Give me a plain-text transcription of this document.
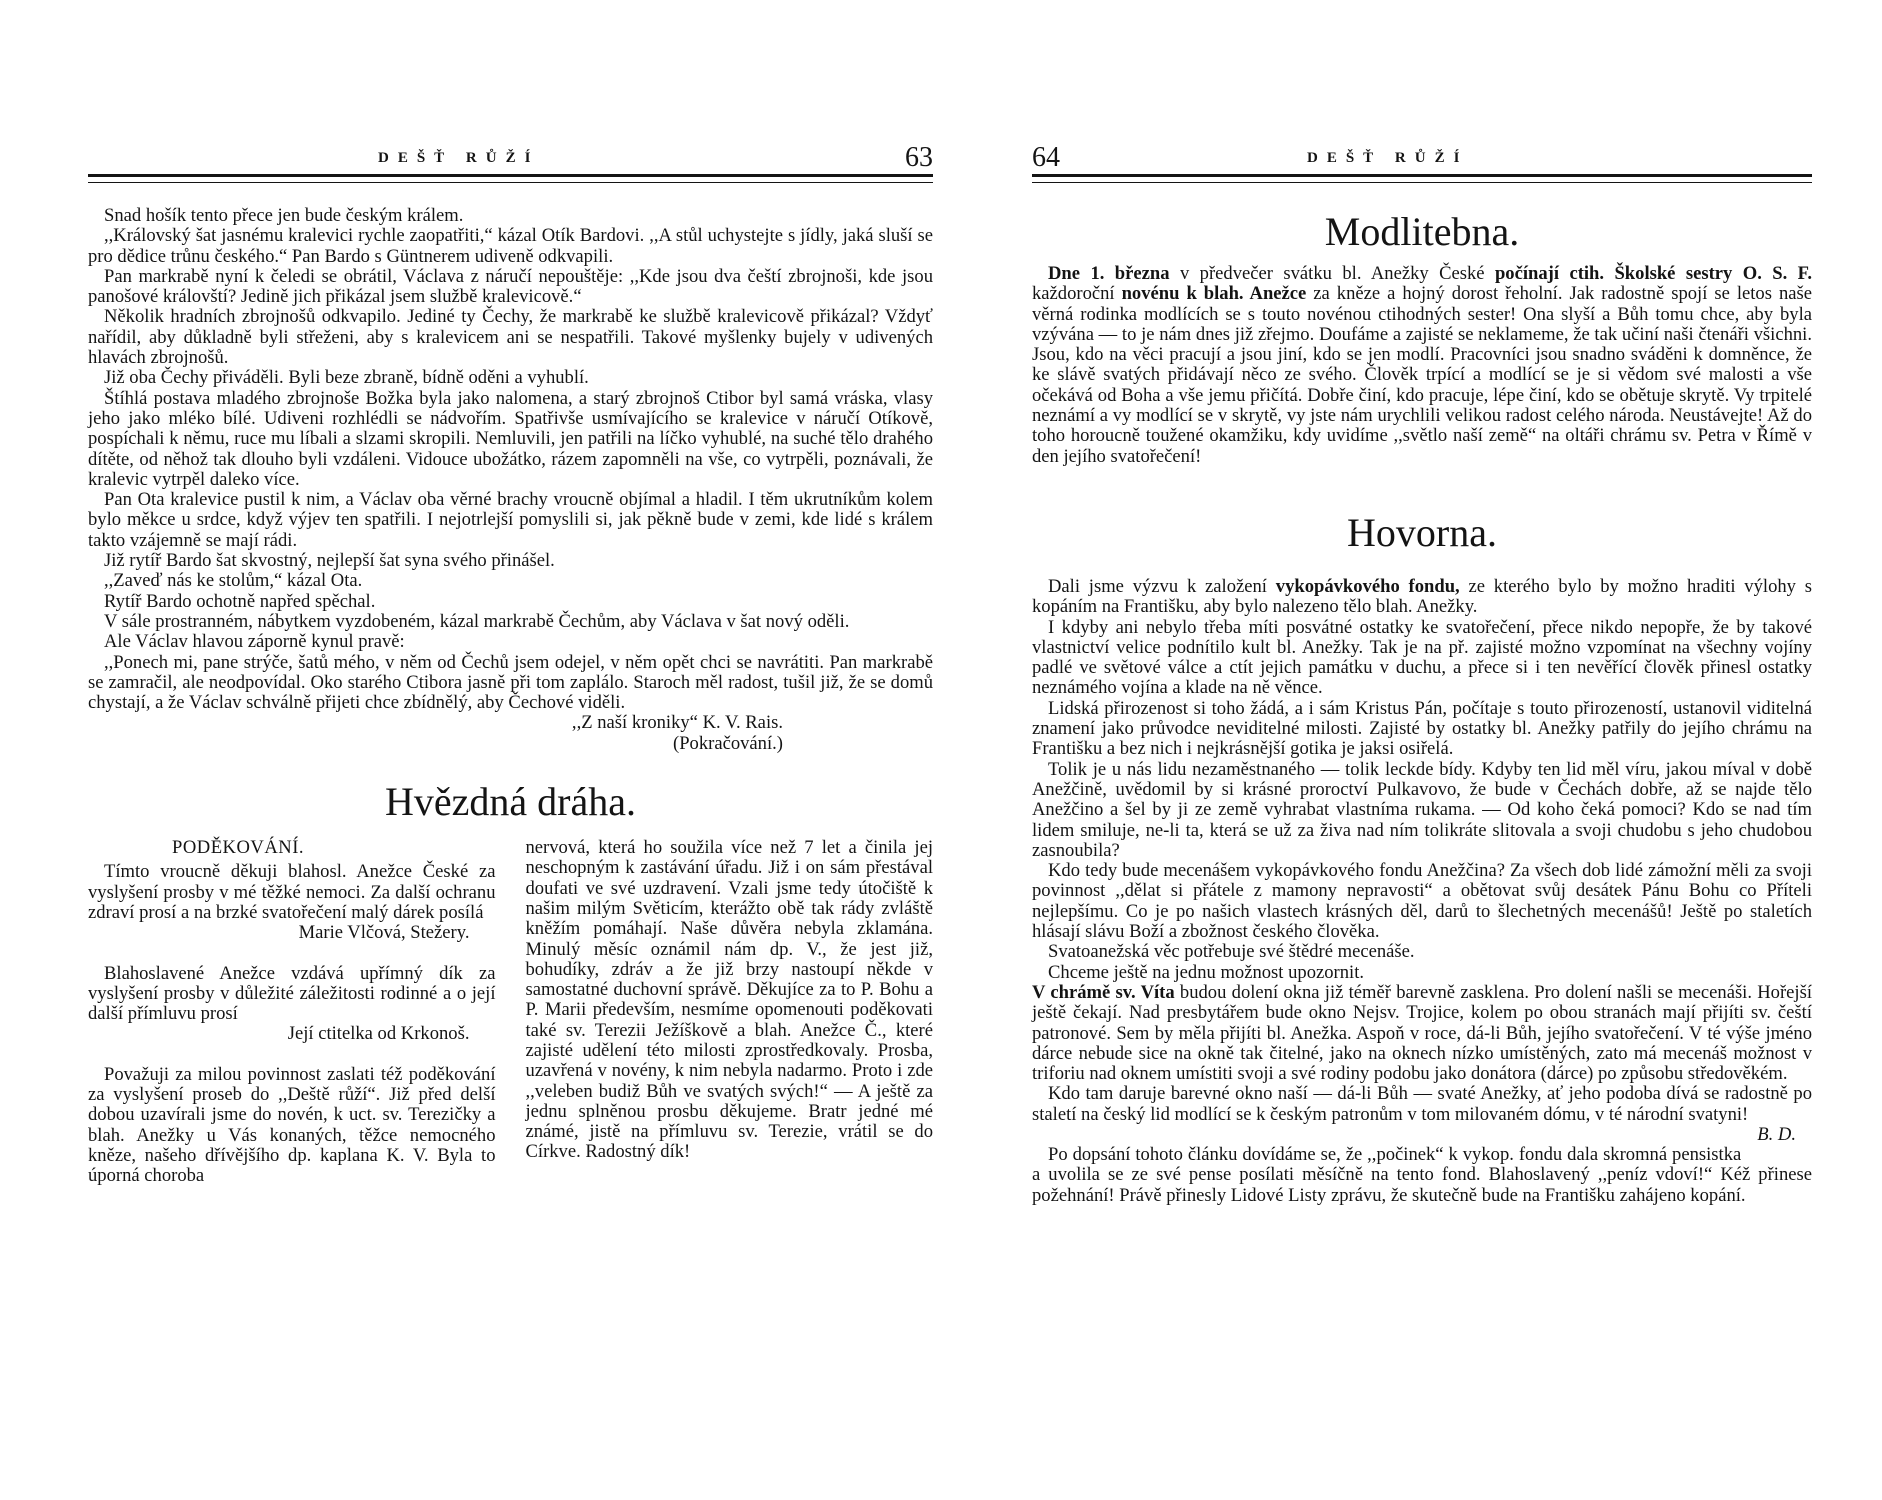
DEŠŤ RŮŽÍ	63

Snad hošík tento přece jen bude českým králem.

,,Královský šat jasnému kralevici rychle zaopatřiti,“ kázal Otík Bardovi. ,,A stůl uchystejte s jídly, jaká sluší se pro dědice trůnu českého.“ Pan Bardo s Güntnerem udiveně odkvapili.

Pan markrabě nyní k čeledi se obrátil, Václava z náručí nepouštěje: ,,Kde jsou dva čeští zbrojnoši, kde jsou panošové královští? Jedině jich přikázal jsem službě kralevicově.“

Několik hradních zbrojnošů odkvapilo. Jediné ty Čechy, že markrabě ke službě kralevicově přikázal? Vždyť nařídil, aby důkladně byli střeženi, aby s kralevicem ani se nespatřili. Takové myšlenky bujely v udivených hlavách zbrojnošů.

Již oba Čechy přiváděli. Byli beze zbraně, bídně oděni a vyhublí.

Štíhlá postava mladého zbrojnoše Božka byla jako nalomena, a starý zbrojnoš Ctibor byl samá vráska, vlasy jeho jako mléko bílé. Udiveni rozhlédli se nádvořím. Spatřivše usmívajícího se kralevice v náručí Otíkově, pospíchali k němu, ruce mu líbali a slzami skropili. Nemluvili, jen patřili na líčko vyhublé, na suché tělo drahého dítěte, od něhož tak dlouho byli vzdáleni. Vidouce ubožátko, rázem zapomněli na vše, co vytrpěli, poznávali, že kralevic vytrpěl daleko více.

Pan Ota kralevice pustil k nim, a Václav oba věrné brachy vroucně objímal a hladil. I těm ukrutníkům kolem bylo měkce u srdce, když výjev ten spatřili. I nejotrlejší pomyslili si, jak pěkně bude v zemi, kde lidé s králem takto vzájemně se mají rádi.

Již rytíř Bardo šat skvostný, nejlepší šat syna svého přinášel.

,,Zaveď nás ke stolům,“ kázal Ota.

Rytíř Bardo ochotně napřed spěchal.

V sále prostranném, nábytkem vyzdobeném, kázal markrabě Čechům, aby Václava v šat nový oděli.

Ale Václav hlavou záporně kynul pravě:

,,Ponech mi, pane strýče, šatů mého, v něm od Čechů jsem odejel, v něm opět chci se navrátiti. Pan markrabě se zamračil, ale neodpovídal. Oko starého Ctibora jasně při tom zaplálo. Staroch měl radost, tušil již, že se domů chystají, a že Václav schválně přijeti chce zbídnělý, aby Čechové viděli.

,,Z naší kroniky“ K. V. Rais.

(Pokračování.)

Hvězdná dráha.

PODĚKOVÁNÍ.

Tímto vroucně děkuji blahosl. Anežce České za vyslyšení prosby v mé těžké nemoci. Za další ochranu zdraví prosí a na brzké svatořečení malý dárek posílá

Marie Vlčová, Stežery.

Blahoslavené Anežce vzdává upřímný dík za vyslyšení prosby v důležité záležitosti rodinné a o její další přímluvu prosí

Její ctitelka od Krkonoš.

Považuji za milou povinnost zaslati též poděkování za vyslyšení proseb do ,,Deště růží“. Již před delší dobou uzavírali jsme do novén, k uct. sv. Terezičky a blah. Anežky u Vás konaných, těžce nemocného kněze, našeho dřívějšího dp. kaplana K. V. Byla to úporná choroba

nervová, která ho soužila více než 7 let a činila jej neschopným k zastávání úřadu. Již i on sám přestával doufati ve své uzdravení. Vzali jsme tedy útočiště k našim milým Světicím, kterážto obě tak rády zvláště kněžím pomáhají. Naše důvěra nebyla zklamána. Minulý měsíc oznámil nám dp. V., že jest již, bohudíky, zdráv a že již brzy nastoupí někde v samostatné duchovní správě. Děkujíce za to P. Bohu a P. Marii především, nesmíme opomenouti poděkovati také sv. Terezii Ježíškově a blah. Anežce Č., které zajisté udělení této milosti zprostředkovaly. Prosba, uzavřená v novény, k nim nebyla nadarmo. Proto i zde ,,veleben budiž Bůh ve svatých svých!“ — A ještě za jednu splněnou prosbu děkujeme. Bratr jedné mé známé, jistě na přímluvu sv. Terezie, vrátil se do Církve. Radostný dík!

64	DEŠŤ RŮŽÍ
Modlitebna.

Dne 1. března v předvečer svátku bl. Anežky České počínají ctih. Školské sestry O. S. F. každoroční novénu k blah. Anežce za kněze a hojný dorost řeholní. Jak radostně spojí se letos naše věrná rodinka modlících se s touto novénou ctihodných sester! Ona slyší a Bůh tomu chce, aby byla vzývána — to je nám dnes již zřejmo. Doufáme a zajisté se neklameme, že tak učiní naši čtenáři všichni. Jsou, kdo na věci pracují a jsou jiní, kdo se jen modlí. Pracovníci jsou snadno sváděni k domněnce, že ke slávě svatých přidávají něco ze svého. Člověk trpící a modlící se je si vědom své malosti a vše očekává od Boha a vše jemu přičítá. Dobře činí, kdo pracuje, lépe činí, kdo se obětuje skrytě. Vy trpitelé neznámí a vy modlící se v skrytě, vy jste nám urychlili velikou radost celého národa. Neustávejte! Až do toho horoucně toužené okamžiku, kdy uvidíme ,,světlo naší země“ na oltáři chrámu sv. Petra v Římě v den jejího svatořečení!

Hovorna.

Dali jsme výzvu k založení vykopávkového fondu, ze kterého bylo by možno hraditi výlohy s kopáním na Františku, aby bylo nalezeno tělo blah. Anežky.

I kdyby ani nebylo třeba míti posvátné ostatky ke svatořečení, přece nikdo nepopře, že by takové vlastnictví velice podnítilo kult bl. Anežky. Tak je na př. zajisté možno vzpomínat na všechny vojíny padlé ve světové válce a ctít jejich památku v duchu, a přece si i ten nevěřící člověk přinesl ostatky neznámého vojína a klade na ně věnce.

Lidská přirozenost si toho žádá, a i sám Kristus Pán, počítaje s touto přirozeností, ustanovil viditelná znamení jako průvodce neviditelné milosti. Zajisté by ostatky bl. Anežky patřily do jejího chrámu na Františku a bez nich i nejkrásnější gotika je jaksi osiřelá.

Tolik je u nás lidu nezaměstnaného — tolik leckde bídy. Kdyby ten lid měl víru, jakou míval v době Anežčině, uvědomil by si krásné proroctví Pulkavovo, že bude v Čechách dobře, až se najde tělo Anežčino a šel by ji ze země vyhrabat vlastníma rukama. — Od koho čeká pomoci? Kdo se nad tím lidem smiluje, ne-li ta, která se už za živa nad ním tolikráte slitovala a svoji chudobu s jeho chudobou zasnoubila?

Kdo tedy bude mecenášem vykopávkového fondu Anežčina? Za všech dob lidé zámožní měli za svoji povinnost ,,dělat si přátele z mamony nepravosti“ a obětovat svůj desátek Pánu Bohu co Příteli nejlepšímu. Co je po našich vlastech krásných děl, darů to šlechetných mecenášů! Ještě po staletích hlásají slávu Boží a zbožnost českého člověka.

Svatoanežská věc potřebuje své štědré mecenáše.

Chceme ještě na jednu možnost upozornit.

V chrámě sv. Víta budou dolení okna již téměř barevně zasklena. Pro dolení našli se mecenáši. Hořejší ještě čekají. Nad presbytářem bude okno Nejsv. Trojice, kolem po obou stranách mají přijíti sv. čeští patronové. Sem by měla přijíti bl. Anežka. Aspoň v roce, dá-li Bůh, jejího svatořečení. V té výše jméno dárce nebude sice na okně tak čitelné, jako na oknech nízko umístěných, zato má mecenáš možnost v triforiu nad oknem umístiti svoji a své rodiny podobu jako donátora (dárce) po způsobu středověkém.

Kdo tam daruje barevné okno naší — dá-li Bůh — svaté Anežky, ať jeho podoba dívá se radostně po staletí na český lid modlící se k českým patronům v tom milovaném dómu, v té národní svatyni!
B. D.

Po dopsání tohoto článku dovídáme se, že ,,počinek“ k vykop. fondu dala skromná pensistka a uvolila se ze své pense posílati měsíčně na tento fond. Blahoslavený ,,peníz vdoví!“ Kéž přinese požehnání! Právě přinesly Lidové Listy zprávu, že skutečně bude na Františku zahájeno kopání.
